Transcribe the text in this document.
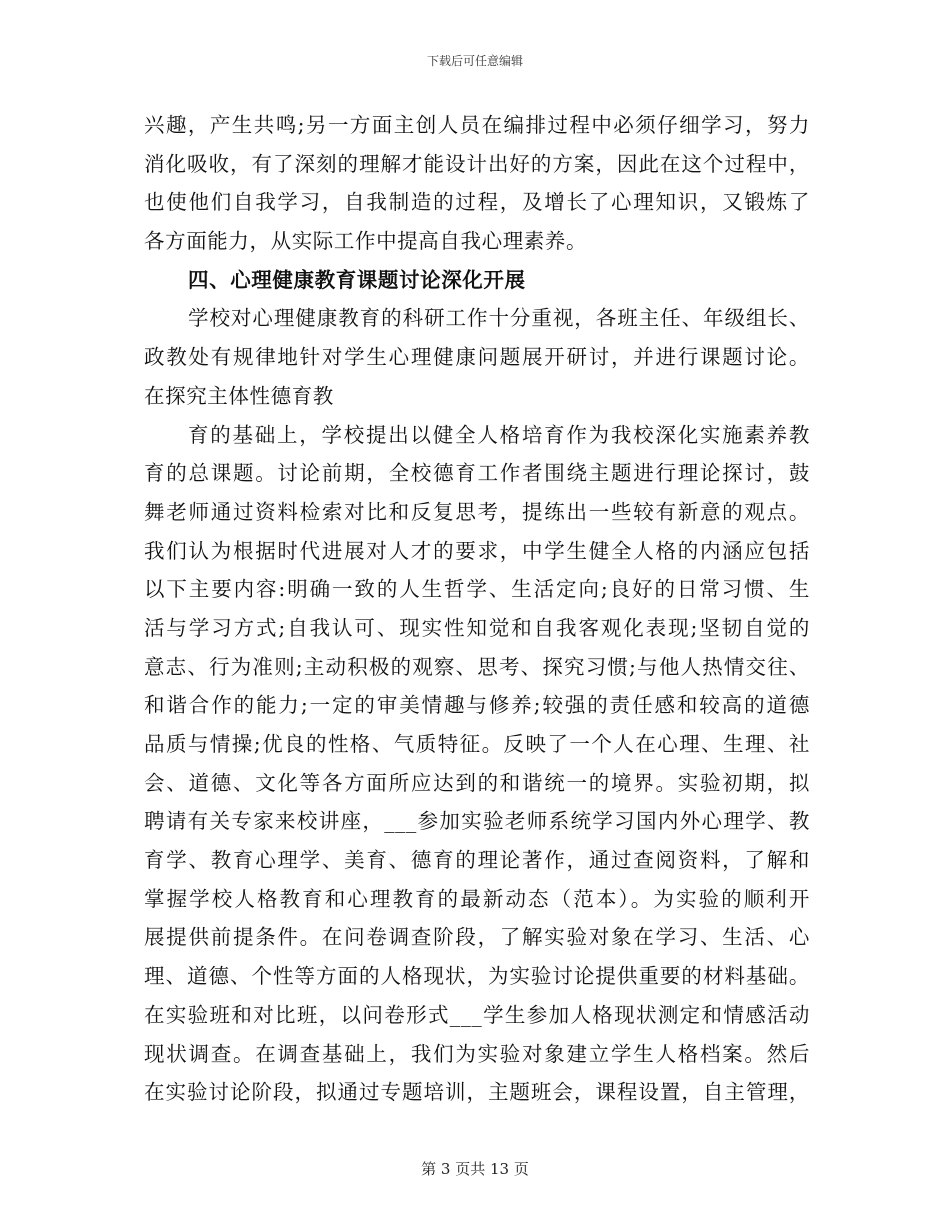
下载后可任意编辑
兴趣，产生共鸣;另一方面主创人员在编排过程中必须仔细学习，努力
消化吸收，有了深刻的理解才能设计出好的方案，因此在这个过程中，
也使他们自我学习，自我制造的过程，及增长了心理知识，又锻炼了
各方面能力，从实际工作中提高自我心理素养。
四、心理健康教育课题讨论深化开展
学校对心理健康教育的科研工作十分重视，各班主任、年级组长、
政教处有规律地针对学生心理健康问题展开研讨，并进行课题讨论。
在探究主体性德育教
育的基础上，学校提出以健全人格培育作为我校深化实施素养教
育的总课题。讨论前期，全校德育工作者围绕主题进行理论探讨，鼓
舞老师通过资料检索对比和反复思考，提练出一些较有新意的观点。
我们认为根据时代进展对人才的要求，中学生健全人格的内涵应包括
以下主要内容:明确一致的人生哲学、生活定向;良好的日常习惯、生
活与学习方式;自我认可、现实性知觉和自我客观化表现;坚韧自觉的
意志、行为准则;主动积极的观察、思考、探究习惯;与他人热情交往、
和谐合作的能力;一定的审美情趣与修养;较强的责任感和较高的道德
品质与情操;优良的性格、气质特征。反映了一个人在心理、生理、社
会、道德、文化等各方面所应达到的和谐统一的境界。实验初期，拟
聘请有关专家来校讲座，___参加实验老师系统学习国内外心理学、教
育学、教育心理学、美育、德育的理论著作，通过查阅资料，了解和
掌握学校人格教育和心理教育的最新动态（范本）。为实验的顺利开
展提供前提条件。在问卷调查阶段，了解实验对象在学习、生活、心
理、道德、个性等方面的人格现状，为实验讨论提供重要的材料基础。
在实验班和对比班，以问卷形式___学生参加人格现状测定和情感活动
现状调查。在调查基础上，我们为实验对象建立学生人格档案。然后
在实验讨论阶段，拟通过专题培训，主题班会，课程设置，自主管理，
第 3 页共 13 页
